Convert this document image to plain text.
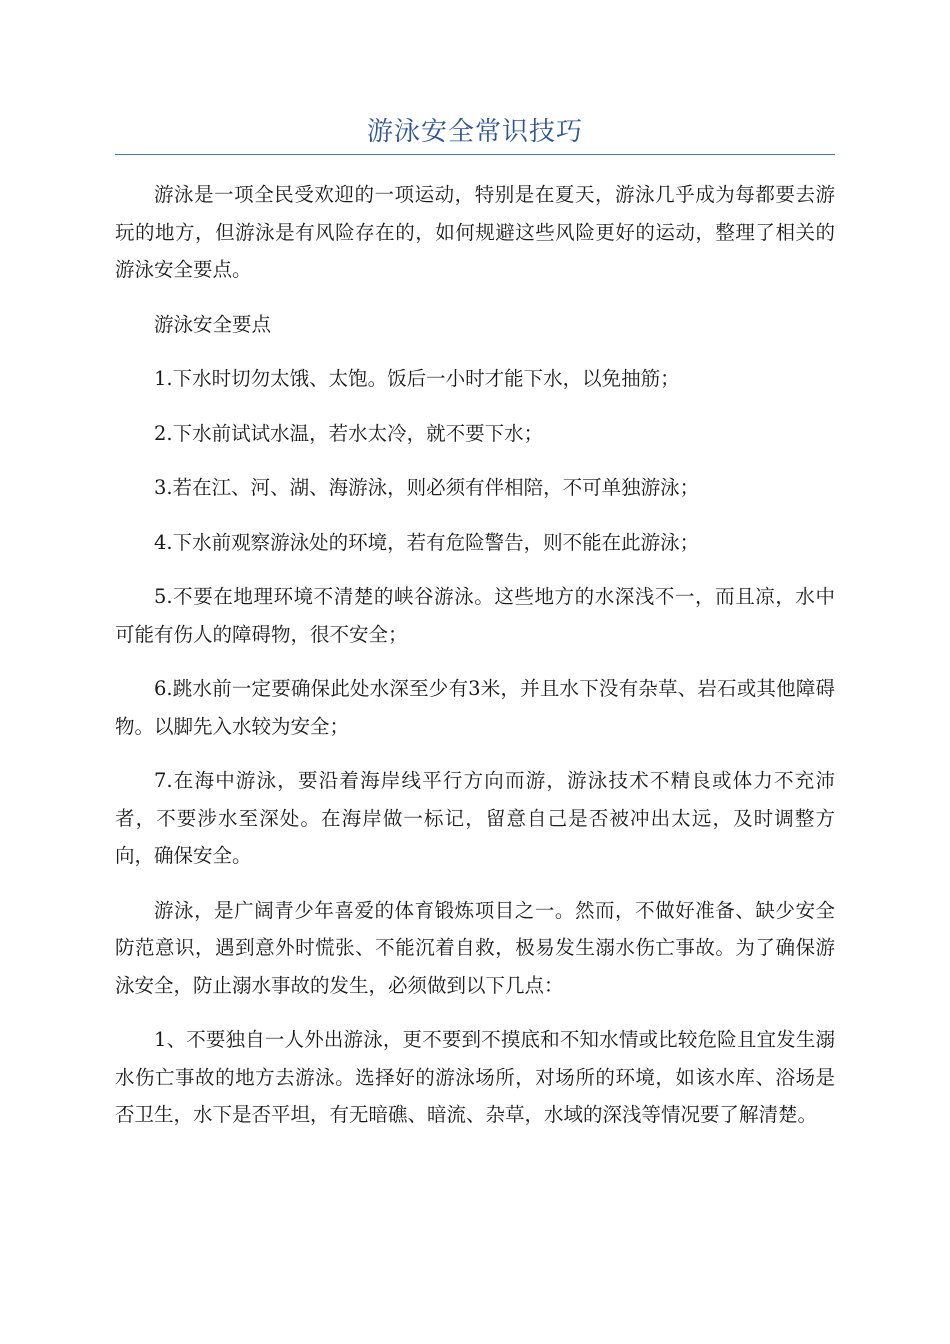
游泳安全常识技巧

游泳是一项全民受欢迎的一项运动，特别是在夏天，游泳几乎成为每都要去游玩的地方，但游泳是有风险存在的，如何规避这些风险更好的运动，整理了相关的游泳安全要点。

游泳安全要点

1.下水时切勿太饿、太饱。饭后一小时才能下水，以免抽筋；

2.下水前试试水温，若水太冷，就不要下水；

3.若在江、河、湖、海游泳，则必须有伴相陪，不可单独游泳；

4.下水前观察游泳处的环境，若有危险警告，则不能在此游泳；

5.不要在地理环境不清楚的峡谷游泳。这些地方的水深浅不一，而且凉，水中可能有伤人的障碍物，很不安全；

6.跳水前一定要确保此处水深至少有3米，并且水下没有杂草、岩石或其他障碍物。以脚先入水较为安全；

7.在海中游泳，要沿着海岸线平行方向而游，游泳技术不精良或体力不充沛者，不要涉水至深处。在海岸做一标记，留意自己是否被冲出太远，及时调整方向，确保安全。

游泳，是广阔青少年喜爱的体育锻炼项目之一。然而，不做好准备、缺少安全防范意识，遇到意外时慌张、不能沉着自救，极易发生溺水伤亡事故。为了确保游泳安全，防止溺水事故的发生，必须做到以下几点：

1、不要独自一人外出游泳，更不要到不摸底和不知水情或比较危险且宜发生溺水伤亡事故的地方去游泳。选择好的游泳场所，对场所的环境，如该水库、浴场是否卫生，水下是否平坦，有无暗礁、暗流、杂草，水域的深浅等情况要了解清楚。
